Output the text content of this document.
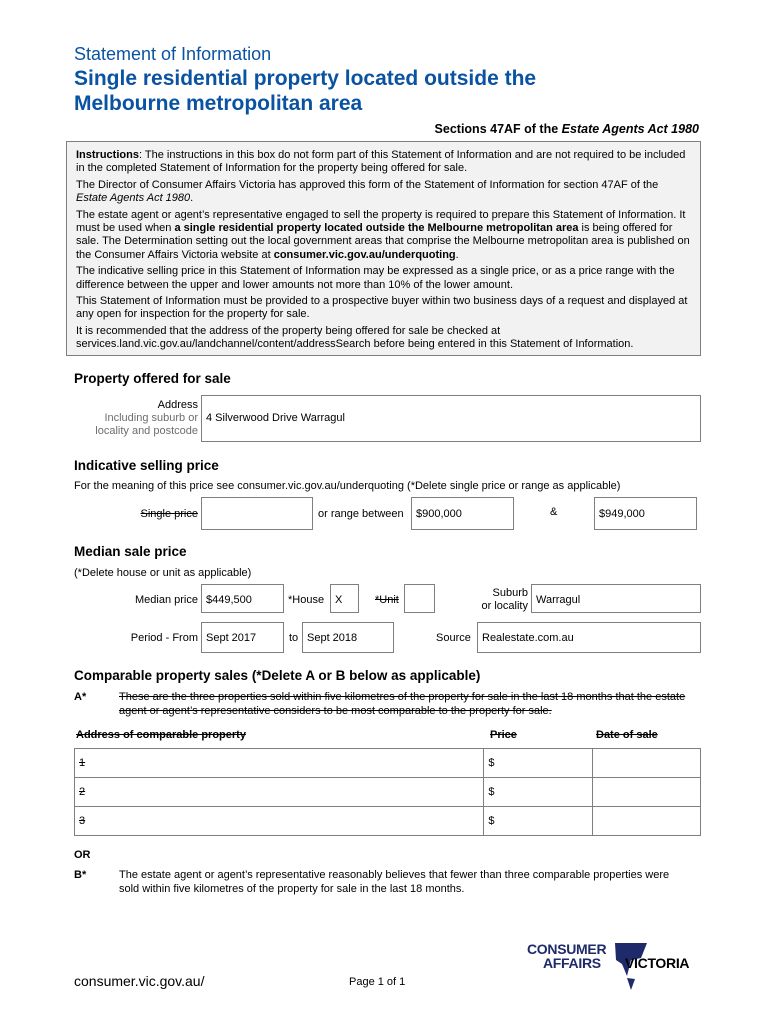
Statement of Information
Single residential property located outside the
Melbourne metropolitan area
Sections 47AF of the Estate Agents Act 1980

Instructions: The instructions in this box do not form part of this Statement of Information and are not required to be included in the completed Statement of Information for the property being offered for sale.

The Director of Consumer Affairs Victoria has approved this form of the Statement of Information for section 47AF of the Estate Agents Act 1980.

The estate agent or agent’s representative engaged to sell the property is required to prepare this Statement of Information. It must be used when a single residential property located outside the Melbourne metropolitan area is being offered for sale. The Determination setting out the local government areas that comprise the Melbourne metropolitan area is published on the Consumer Affairs Victoria website at consumer.vic.gov.au/underquoting.

The indicative selling price in this Statement of Information may be expressed as a single price, or as a price range with the difference between the upper and lower amounts not more than 10% of the lower amount.

This Statement of Information must be provided to a prospective buyer within two business days of a request and displayed at any open for inspection for the property for sale.

It is recommended that the address of the property being offered for sale be checked at services.land.vic.gov.au/landchannel/content/addressSearch before being entered in this Statement of Information.

Property offered for sale
Address
Including suburb or
locality and postcode
4 Silverwood Drive Warragul
Indicative selling price
For the meaning of this price see consumer.vic.gov.au/underquoting (*Delete single price or range as applicable)
Single price	or range between $900,000	&	$949,000
Median sale price
(*Delete house or unit as applicable)
Median price $449,500	*House X	*Unit
Suburb
or locality Warragul
Period - From Sept 2017	to Sept 2018	Source Realestate.com.au
Comparable property sales (*Delete A or B below as applicable)
A*	These are the three properties sold within five kilometres of the property for sale in the last 18 months that the estate agent or agent’s representative considers to be most comparable to the property for sale.
Address of comparable property	Price	Date of sale
1	$	
2	$	
3	$	
OR
B*	The estate agent or agent’s representative reasonably believes that fewer than three comparable properties were sold within five kilometres of the property for sale in the last 18 months.
consumer.vic.gov.au/	Page 1 of 1
CONSUMER
AFFAIRS VICTORIA
